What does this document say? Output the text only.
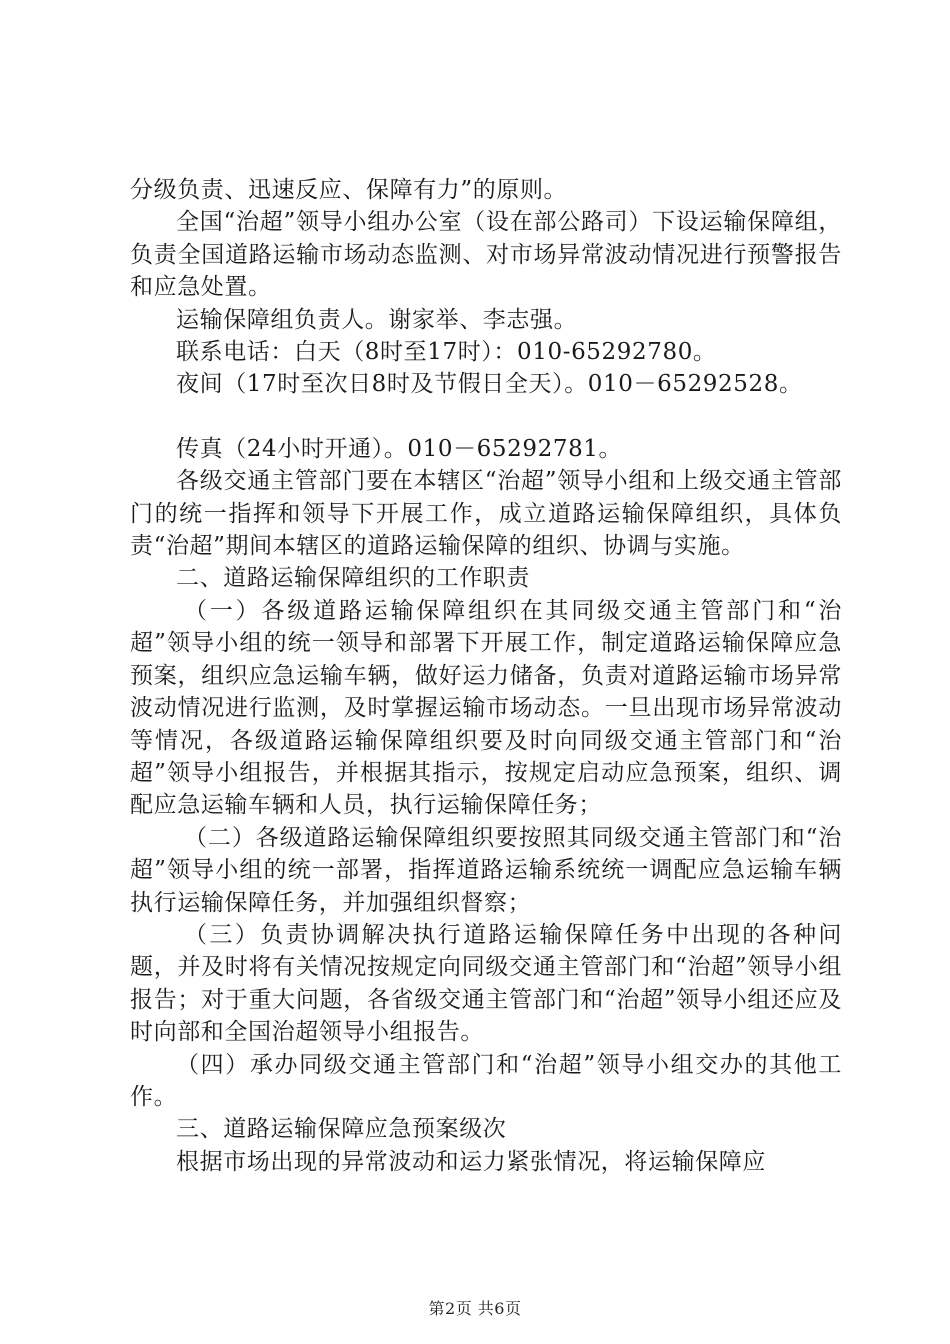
分级负责、迅速反应、保障有力”的原则。

全国“治超”领导小组办公室（设在部公路司）下设运输保障组，负责全国道路运输市场动态监测、对市场异常波动情况进行预警报告和应急处置。

运输保障组负责人。谢家举、李志强。

联系电话：白天（8时至17时）：010-65292780。

夜间（17时至次日8时及节假日全天）。010－65292528。

传真（24小时开通）。010－65292781。

各级交通主管部门要在本辖区“治超”领导小组和上级交通主管部门的统一指挥和领导下开展工作，成立道路运输保障组织，具体负责“治超”期间本辖区的道路运输保障的组织、协调与实施。

二、道路运输保障组织的工作职责

（一）各级道路运输保障组织在其同级交通主管部门和“治超”领导小组的统一领导和部署下开展工作，制定道路运输保障应急预案，组织应急运输车辆，做好运力储备，负责对道路运输市场异常波动情况进行监测，及时掌握运输市场动态。一旦出现市场异常波动等情况，各级道路运输保障组织要及时向同级交通主管部门和“治超”领导小组报告，并根据其指示，按规定启动应急预案，组织、调配应急运输车辆和人员，执行运输保障任务；

（二）各级道路运输保障组织要按照其同级交通主管部门和“治超”领导小组的统一部署，指挥道路运输系统统一调配应急运输车辆执行运输保障任务，并加强组织督察；

（三）负责协调解决执行道路运输保障任务中出现的各种问题，并及时将有关情况按规定向同级交通主管部门和“治超”领导小组报告；对于重大问题，各省级交通主管部门和“治超”领导小组还应及时向部和全国治超领导小组报告。

（四）承办同级交通主管部门和“治超”领导小组交办的其他工作。

三、道路运输保障应急预案级次

根据市场出现的异常波动和运力紧张情况，将运输保障应

第2页 共6页
